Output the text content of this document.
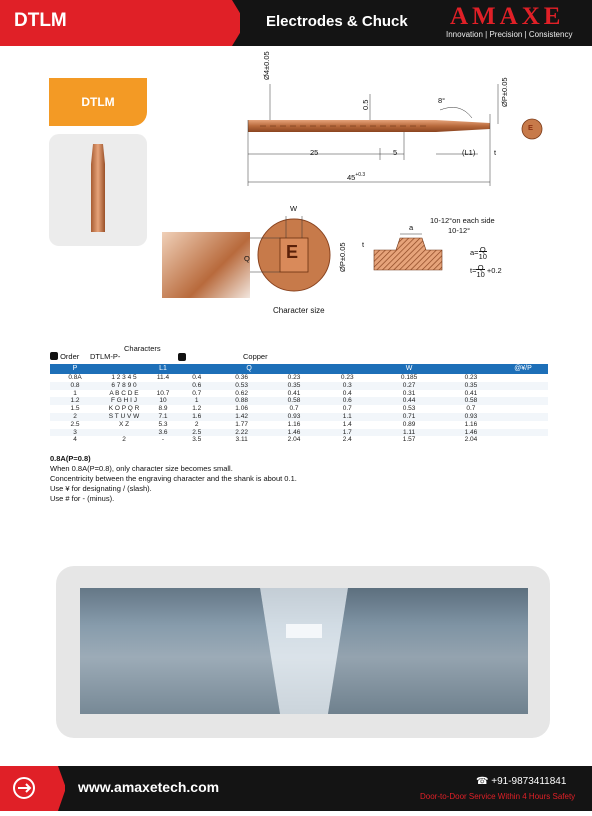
DTLM	Electrodes & Chuck AMAXE
Innovation | Precision | Consistency
DTLM
Ø4±0.05
0.5	ØP±0.05
8°
25	5	(L1) t
$45^{+0.3}$
E
W
Q E	ØP±0.05
Character size
10-12°on each side
10-12°
a
t
a=Q
10
t=Q
10 +0.2
Characters
Order DTLM-P-	Copper
P		L1	Q			W			@¥/P
0.8A	1 2 3 4 5	11.4	0.4	0.36	0.23	0.23	0.185	0.23	
0.8	6 7 8 9 0		0.6	0.53	0.35	0.3	0.27	0.35	
1	A B C D E	10.7	0.7	0.62	0.41	0.4	0.31	0.41	
1.2	F G H I J	10	1	0.88	0.58	0.6	0.44	0.58	
1.5	K O P Q R	8.9	1.2	1.06	0.7	0.7	0.53	0.7	
2	S T U V W	7.1	1.6	1.42	0.93	1.1	0.71	0.93	
2.5	X Z	5.3	2	1.77	1.16	1.4	0.89	1.16	
3		3.6	2.5	2.22	1.46	1.7	1.11	1.46	
4	2	-	3.5	3.11	2.04	2.4	1.57	2.04	
0.8A(P=0.8)
When 0.8A(P=0.8), only character size becomes small.
Concentricity between the engraving character and the shank is about 0.1.
Use ¥ for designating / (slash).
Use # for - (minus).
www.amaxetech.com	☎ +91-9873411841
Door-to-Door Service Within 4 Hours Safety
